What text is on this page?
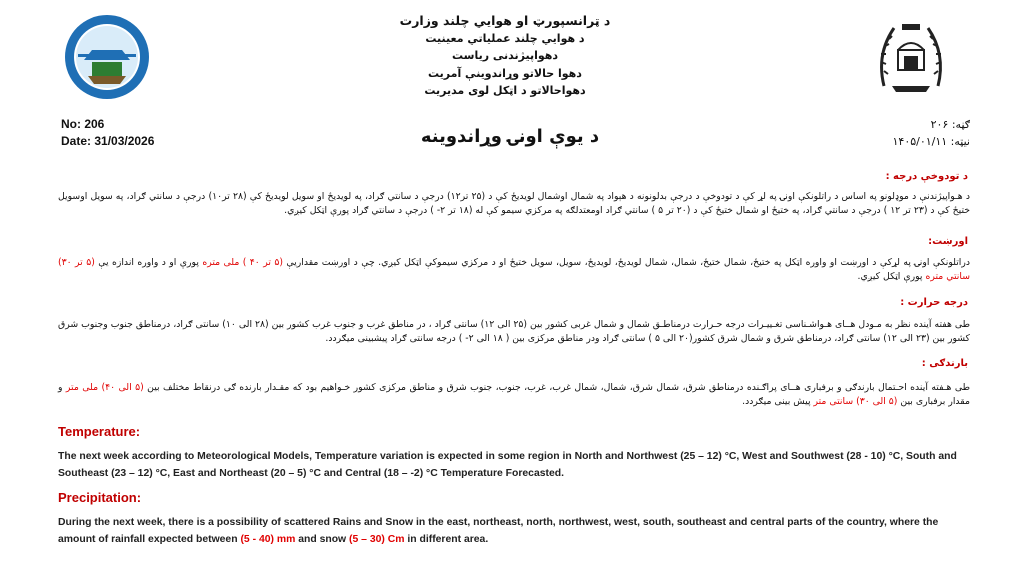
د ټرانسپورټ او هوايي چلند وزارت
د هوايي چلند عملياتي معينيت
دهواپیژندنی ریاست
دهوا حالاتو وړاندوينې آمريت
دهواحالاتو د اټکل لوی مديريت
No: 206
Date: 31/03/2026	د یوې اونۍ وړاندوینه
ګڼه: ۲۰۶
نیټه: ۱۴۰۵/۰۱/۱۱
د تودوخې درجه :
د هـواپیژندنې د موډلونو په اساس د راتلونکې اونۍ په لړ کې د تودوخې د درجې بدلونونه د هېواد په شمال اوشمال لویدیځ کې د (۲۵ تر۱۲) درجې د سانتي ګراد، په لویدیځ او سویل لویدیځ کې (۲۸ تر۱۰) درجې د سانتي ګراد، په سویل اوسویل ختیځ کې د (۲۳ تر ۱۲ ) درجې د سانتي ګراد، په ختیځ او شمال ختیځ کې د (۲۰ تر ۵ ) سانتي ګراد اومعتدلګه په مرکزي سیمو کې له (۱۸ تر ۲- ) درجې د سانتي ګراد پورې اټکل کیږي.
اورښت:
دراتلونکې اونۍ په لړکې د اورښت او واوره اټکل په ختیځ، شمال ختیځ، شمال، شمال لویدیځ، لویدیځ، سویل، سویل ختیځ او د مرکزي سیموکې اټکل کیږي. چې د اورښت مقداريې (۵ تر ۴۰ ) ملی متره پورې او د واوره اندازه یې (۵ تر ۳۰) سانتي متره پورې اټکل کیږي.
درجه حرارت :
طی هفته آینده نظر به مـودل هــای هـواشـناسی تغـییـرات درجه حـرارت درمناطـق شمال و شمال غربی کشور بین (۲۵ الی ۱۲) سانتی ګراد ، در مناطق غرب و جنوب غرب کشور بین (۲۸ الی ۱۰) سانتی ګراد، درمناطق جنوب وجنوب شرق کشور بین (۲۳ الی ۱۲) سانتی ګراد، درمناطق شرق و شمال شرق کشور(۲۰ الی ۵ ) سانتی ګراد ودر مناطق مرکزی بین ( ۱۸ الی ۲- ) درجه سانتی ګراد پیشبینی میګردد.
بارندګی :
طی هـفته آینده احـتمال بارندګی و برفباری هــای پراګـنده درمناطق شرق، شمال شرق، شمال، شمال غرب، غرب، جنوب، جنوب شرق و مناطق مرکزی کشور خـواهیم بود که مقـدار بارنده ګی درنقاط مختلف بین (۵ الی ۴۰) ملی متر و مقدار برفباری بین (۵ الی ۳۰) سانتی متر پیش بینی میګردد.
Temperature:
The next week according to Meteorological Models, Temperature variation is expected in some region in North and Northwest (25 – 12) °C, West and Southwest (28 - 10) °C, South and Southeast (23 – 12) °C, East and Northeast (20 – 5) °C and Central (18 – -2) °C Temperature Forecasted.
Precipitation:
During the next week, there is a possibility of scattered Rains and Snow in the east, northeast, north, northwest, west, south, southeast and central parts of the country, where the amount of rainfall expected between (5 - 40) mm and snow (5 – 30) Cm in different area.
